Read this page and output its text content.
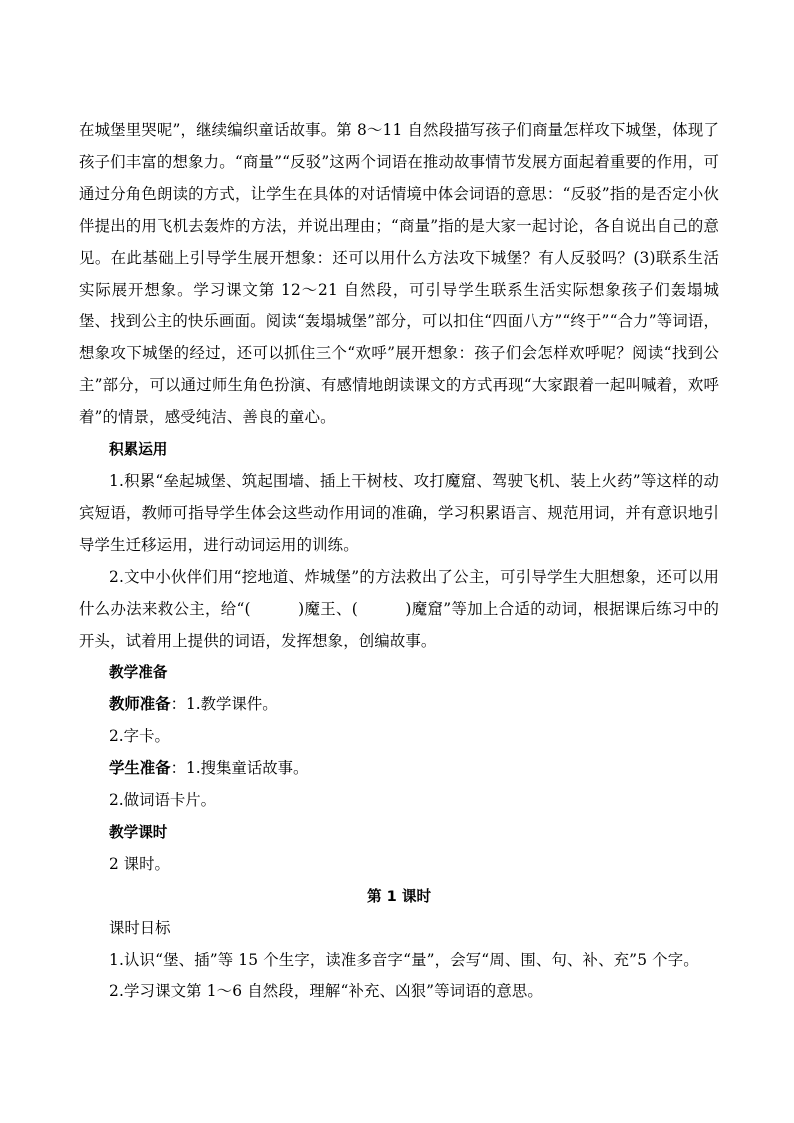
在城堡里哭呢”，继续编织童话故事。第 8～11 自然段描写孩子们商量怎样攻下城堡，体现了孩子们丰富的想象力。“商量”“反驳”这两个词语在推动故事情节发展方面起着重要的作用，可通过分角色朗读的方式，让学生在具体的对话情境中体会词语的意思：“反驳”指的是否定小伙伴提出的用飞机去轰炸的方法，并说出理由；“商量”指的是大家一起讨论，各自说出自己的意见。在此基础上引导学生展开想象：还可以用什么方法攻下城堡？有人反驳吗？(3)联系生活实际展开想象。学习课文第 12～21 自然段，可引导学生联系生活实际想象孩子们轰塌城堡、找到公主的快乐画面。阅读“轰塌城堡”部分，可以扣住“四面八方”“终于”“合力”等词语，想象攻下城堡的经过，还可以抓住三个“欢呼”展开想象：孩子们会怎样欢呼呢？阅读“找到公主”部分，可以通过师生角色扮演、有感情地朗读课文的方式再现“大家跟着一起叫喊着，欢呼着”的情景，感受纯洁、善良的童心。

积累运用

1.积累“垒起城堡、筑起围墙、插上干树枝、攻打魔窟、驾驶飞机、装上火药”等这样的动宾短语，教师可指导学生体会这些动作用词的准确，学习积累语言、规范用词，并有意识地引导学生迁移运用，进行动词运用的训练。

2.文中小伙伴们用“挖地道、炸城堡”的方法救出了公主，可引导学生大胆想象，还可以用什么办法来救公主，给“(　　　)魔王、(　　　)魔窟”等加上合适的动词，根据课后练习中的开头，试着用上提供的词语，发挥想象，创编故事。

教学准备

教师准备：1.教学课件。

2.字卡。

学生准备：1.搜集童话故事。

2.做词语卡片。

教学课时

2 课时。

第 1 课时

课时日标

1.认识“堡、插”等 15 个生字，读准多音字“量”，会写“周、围、句、补、充”5 个字。

2.学习课文第 1～6 自然段，理解“补充、凶狠”等词语的意思。
